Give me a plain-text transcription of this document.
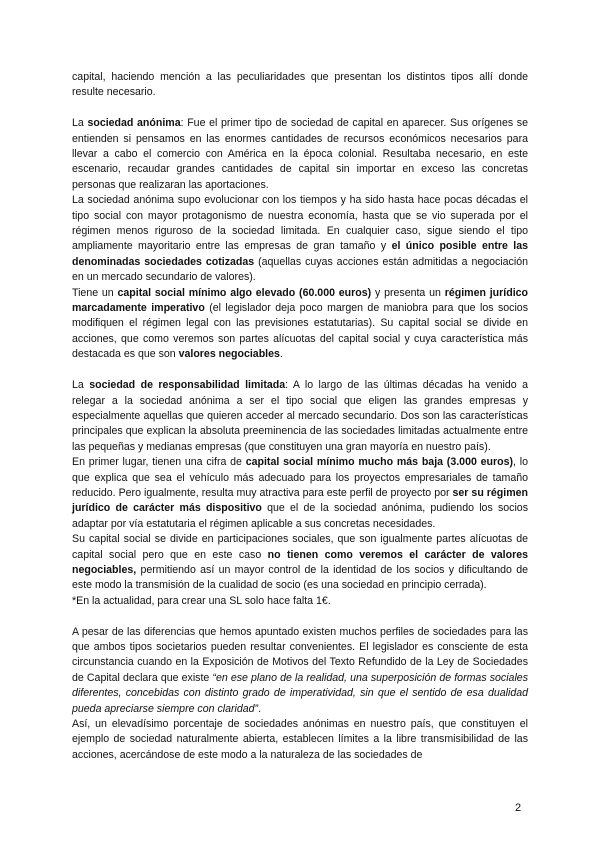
capital, haciendo mención a las peculiaridades que presentan los distintos tipos allí donde resulte necesario.

La sociedad anónima: Fue el primer tipo de sociedad de capital en aparecer. Sus orígenes se entienden si pensamos en las enormes cantidades de recursos económicos necesarios para llevar a cabo el comercio con América en la época colonial. Resultaba necesario, en este escenario, recaudar grandes cantidades de capital sin importar en exceso las concretas personas que realizaran las aportaciones.

La sociedad anónima supo evolucionar con los tiempos y ha sido hasta hace pocas décadas el tipo social con mayor protagonismo de nuestra economía, hasta que se vio superada por el régimen menos riguroso de la sociedad limitada. En cualquier caso, sigue siendo el tipo ampliamente mayoritario entre las empresas de gran tamaño y el único posible entre las denominadas sociedades cotizadas (aquellas cuyas acciones están admitidas a negociación en un mercado secundario de valores).

Tiene un capital social mínimo algo elevado (60.000 euros) y presenta un régimen jurídico marcadamente imperativo (el legislador deja poco margen de maniobra para que los socios modifiquen el régimen legal con las previsiones estatutarias). Su capital social se divide en acciones, que como veremos son partes alícuotas del capital social y cuya característica más destacada es que son valores negociables.

La sociedad de responsabilidad limitada: A lo largo de las últimas décadas ha venido a relegar a la sociedad anónima a ser el tipo social que eligen las grandes empresas y especialmente aquellas que quieren acceder al mercado secundario. Dos son las características principales que explican la absoluta preeminencia de las sociedades limitadas actualmente entre las pequeñas y medianas empresas (que constituyen una gran mayoría en nuestro país).

En primer lugar, tienen una cifra de capital social mínimo mucho más baja (3.000 euros), lo que explica que sea el vehículo más adecuado para los proyectos empresariales de tamaño reducido. Pero igualmente, resulta muy atractiva para este perfil de proyecto por ser su régimen jurídico de carácter más dispositivo que el de la sociedad anónima, pudiendo los socios adaptar por vía estatutaria el régimen aplicable a sus concretas necesidades.

Su capital social se divide en participaciones sociales, que son igualmente partes alícuotas de capital social pero que en este caso no tienen como veremos el carácter de valores negociables, permitiendo así un mayor control de la identidad de los socios y dificultando de este modo la transmisión de la cualidad de socio (es una sociedad en principio cerrada).

*En la actualidad, para crear una SL solo hace falta 1€.

A pesar de las diferencias que hemos apuntado existen muchos perfiles de sociedades para las que ambos tipos societarios pueden resultar convenientes. El legislador es consciente de esta circunstancia cuando en la Exposición de Motivos del Texto Refundido de la Ley de Sociedades de Capital declara que existe “en ese plano de la realidad, una superposición de formas sociales diferentes, concebidas con distinto grado de imperatividad, sin que el sentido de esa dualidad pueda apreciarse siempre con claridad”.

Así, un elevadísimo porcentaje de sociedades anónimas en nuestro país, que constituyen el ejemplo de sociedad naturalmente abierta, establecen límites a la libre transmisibilidad de las acciones, acercándose de este modo a la naturaleza de las sociedades de

2
